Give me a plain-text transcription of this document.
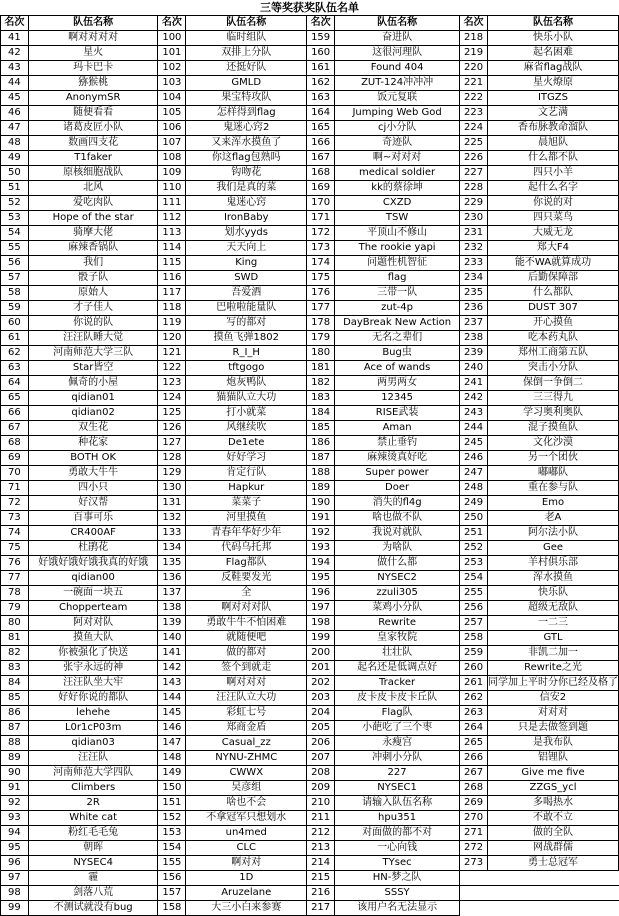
三等奖获奖队伍名单
名次	队伍名称	名次	队伍名称	名次	队伍名称	名次	队伍名称
41	啊对对对对	100	临时组队	159	奋进队	218	快乐小队
42	星火	101	双排上分队	160	这很河理队	219	起名困难
43	玛卡巴卡	102	还挺好队	161	Found 404	220	麻省flag战队
44	猕猴桃	103	GMLD	162	ZUT-124冲冲冲	221	星火燎原
45	AnonymSR	104	果宝特攻队	163	饭元复联	222	ITGZS
46	随便看看	105	怎样得到flag	164	Jumping Web God	223	文艺满
47	诸葛皮匠小队	106	鬼迷心窍2	165	cj小分队	224	香布脉教命溜队
48	数画四支花	107	又来浑水摸鱼了	166	奇迹队	225	晨旭队
49	T1faker	108	你这flag包熟吗	167	啊~对对对	226	什么都不队
50	原核细胞战队	109	钩吻花	168	medical soldier	227	四只小羊
51	北风	110	我们是真的菜	169	kk的蔡徐坤	228	起什么名字
52	爱吃肉队	111	鬼迷心窍	170	CXZD	229	你说的对
53	Hope of the star	112	IronBaby	171	TSW	230	四只菜鸟
54	骑摩大佬	113	划水yyds	172	平顶山不修山	231	大威无龙
55	麻辣香锅队	114	天天向上	173	The rookie yapi	232	郑大F4
56	我们	115	King	174	问题性机智征	233	能不WA就算成功
57	骰子队	116	SWD	175	flag	234	后勤保障部
58	原始人	117	吾爱酒	176	三带一队	235	什么都队
59	才子佳人	118	巴啦啦能量队	177	zut-4p	236	DUST 307
60	你说的队	119	写的都对	178	DayBreak New Action	237	开心摸鱼
61	汪汪队睡大觉	120	摸鱼飞弹1802	179	无名之辈们	238	吃本药丸队
62	河南师范大学三队	121	R_I_H	180	Bug虫	239	郑州工商第五队
63	Star皆空	122	tftgogo	181	Ace of wands	240	突击小分队
64	佩奇的小屋	123	炮灰鸭队	182	两男两女	241	保倒一争倒二
65	qidian01	124	猫猫队立大功	183	12345	242	三三得九
66	qidian02	125	打小就菜	184	RISE武装	243	学习奥利奥队
67	双生花	126	风继续吹	185	Aman	244	混子摸鱼队
68	种花家	127	De1ete	186	禁止垂钓	245	文化沙漠
69	BOTH OK	128	好好学习	187	麻辣烫真好吃	246	另一个团伙
70	勇敢大牛牛	129	肯定行队	188	Super power	247	嘟嘟队
71	四小只	130	Hapkur	189	Doer	248	重在参与队
72	好汉帮	131	菜菜子	190	消失的fl4g	249	Emo
73	百事可乐	132	河里摸鱼	191	啥也做不队	250	老A
74	CR400AF	133	青春年华好少年	192	我说对就队	251	阿尔法小队
75	杜鹃花	134	代码乌托邦	193	为啥队	252	Gee
76	好饿好饿好饿我真的好饿	135	Flag都队	194	做什么都	253	羊村俱乐部
77	qidian00	136	反鞋要发光	195	NYSEC2	254	浑水摸鱼
78	一碗面一块五	137	全	196	zzuli305	255	快乐队
79	Chopperteam	138	啊对对对队	197	菜鸡小分队	256	超级无敌队
80	阿对对队	139	勇敢牛牛不怕困难	198	Rewrite	257	一二三
81	摸鱼大队	140	就随便吧	199	皇家牧院	258	GTL
82	你被强化了快送	141	做的都对	200	壮壮队	259	非凯二加一
83	张宇永远的神	142	签个到就走	201	起名还是低调点好	260	Rewrite之光
84	汪汪队坐大牢	143	啊对对对	202	Tracker	261	同学加上平时分你已经及格了
85	好好你说的都队	144	汪汪队立大功	203	皮卡皮卡皮卡丘队	262	信安2
86	lehehe	145	彩虹七号	204	Flag队	263	对对对
87	L0r1cP03m	146	郑商金盾	205	小葩吃了三个枣	264	只是去做签到题
88	qidian03	147	Casual_zz	206	永瘦宫	265	是我布队
89	汪汪队	148	NYNU-ZHMC	207	冲刺小分队	266	铝锂队
90	河南师范大学四队	149	CWWX	208	227	267	Give me five
91	Climbers	150	吴彦组	209	NYSEC1	268	ZZGS_ycl
92	2R	151	啥也不会	210	请输入队伍名称	269	多喝热水
93	White cat	152	不拿冠军只想划水	211	hpu351	270	不敢不立
94	粉红毛毛兔	153	un4med	212	对面做的都不对	271	做的全队
95	朝晖	154	CLC	213	一心向钱	272	网战群儒
96	NYSEC4	155	啊对对	214	TYsec	273	勇士总冠军
97	霾	156	1D	215	HN-梦之队		
98	剑落八荒	157	Aruzelane	216	SSSY		
99	不测试就没有bug	158	大三小白来参赛	217	该用户名无法显示		
